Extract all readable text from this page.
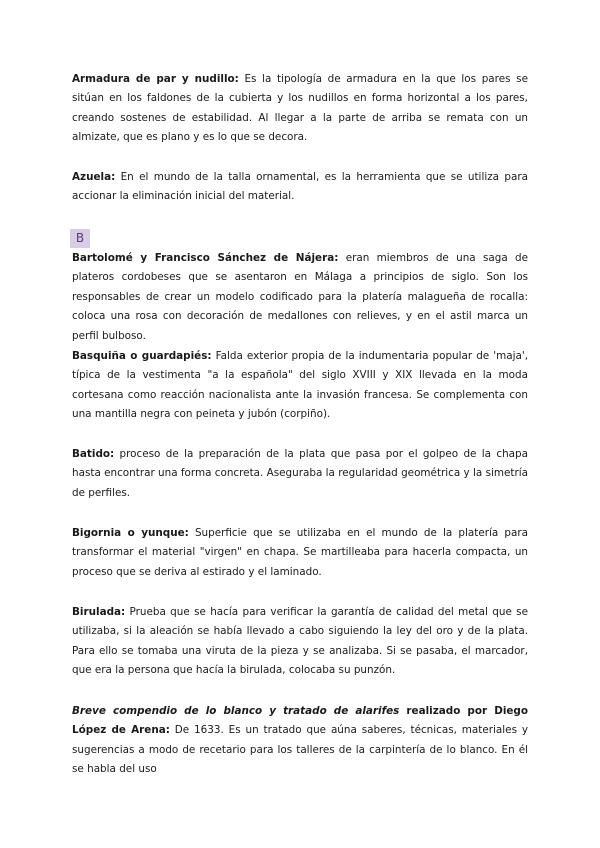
Armadura de par y nudillo: Es la tipología de armadura en la que los pares se sitúan en los faldones de la cubierta y los nudillos en forma horizontal a los pares, creando sostenes de estabilidad. Al llegar a la parte de arriba se remata con un almizate, que es plano y es lo que se decora.

Azuela: En el mundo de la talla ornamental, es la herramienta que se utiliza para accionar la eliminación inicial del material.

B

Bartolomé y Francisco Sánchez de Nájera: eran miembros de una saga de plateros cordobeses que se asentaron en Málaga a principios de siglo. Son los responsables de crear un modelo codificado para la platería malagueña de rocalla: coloca una rosa con decoración de medallones con relieves, y en el astil marca un perfil bulboso.

Basquiña o guardapiés: Falda exterior propia de la indumentaria popular de 'maja', típica de la vestimenta "a la española" del siglo XVIII y XIX llevada en la moda cortesana como reacción nacionalista ante la invasión francesa. Se complementa con una mantilla negra con peineta y jubón (corpiño).

Batido: proceso de la preparación de la plata que pasa por el golpeo de la chapa hasta encontrar una forma concreta. Aseguraba la regularidad geométrica y la simetría de perfiles.

Bigornia o yunque: Superficie que se utilizaba en el mundo de la platería para transformar el material "virgen" en chapa. Se martilleaba para hacerla compacta, un proceso que se deriva al estirado y el laminado.

Birulada: Prueba que se hacía para verificar la garantía de calidad del metal que se utilizaba, si la aleación se había llevado a cabo siguiendo la ley del oro y de la plata. Para ello se tomaba una viruta de la pieza y se analizaba. Si se pasaba, el marcador, que era la persona que hacía la birulada, colocaba su punzón.

Breve compendio de lo blanco y tratado de alarifes realizado por Diego López de Arena: De 1633. Es un tratado que aúna saberes, técnicas, materiales y sugerencias a modo de recetario para los talleres de la carpintería de lo blanco. En él se habla del uso
